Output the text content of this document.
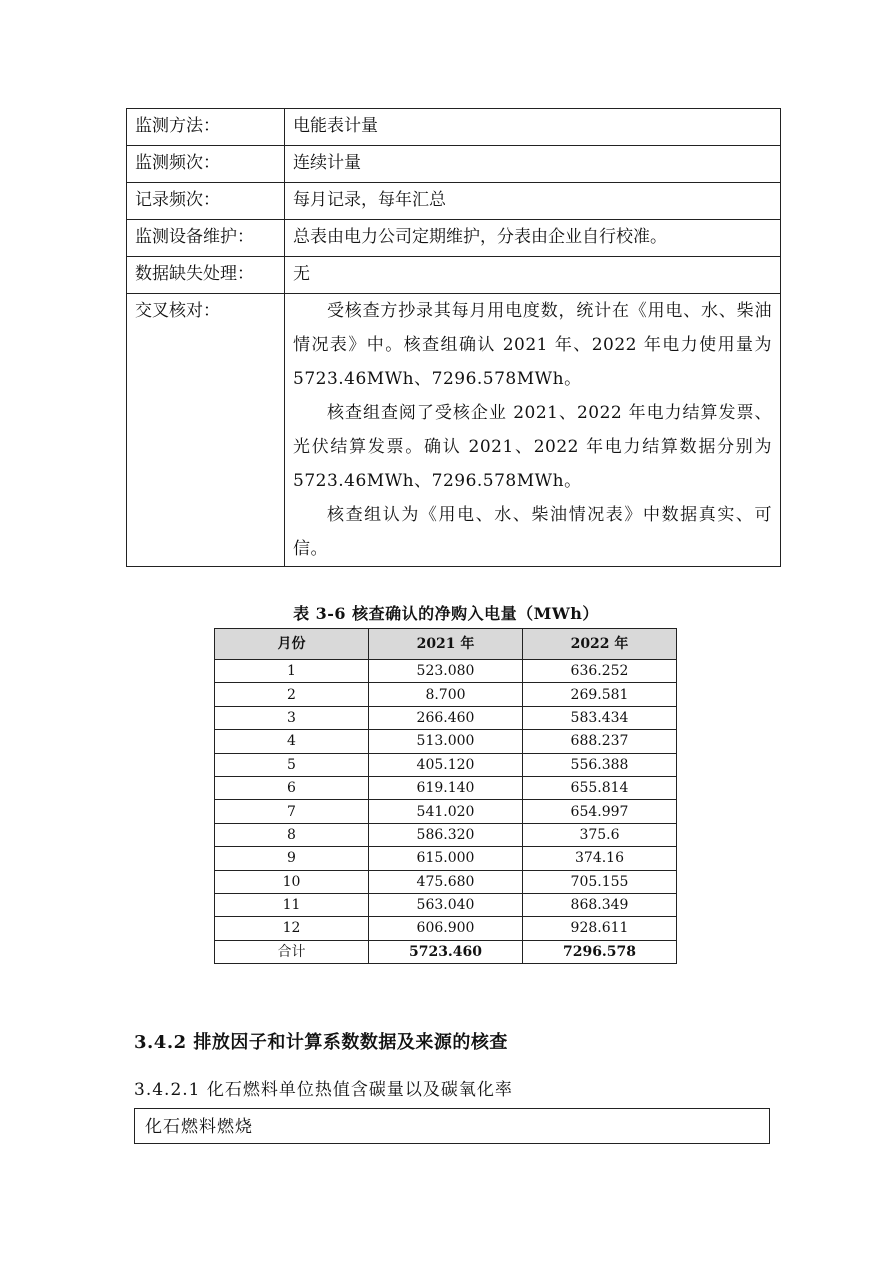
监测方法：	电能表计量
监测频次：	连续计量
记录频次：	每月记录，每年汇总
监测设备维护：	总表由电力公司定期维护，分表由企业自行校准。
数据缺失处理：	无
交叉核对：	受核查方抄录其每月用电度数，统计在《用电、水、柴油情况表》中。核查组确认 2021 年、2022 年电力使用量为 5723.46MWh、7296.578MWh。
核查组查阅了受核企业 2021、2022 年电力结算发票、光伏结算发票。确认 2021、2022 年电力结算数据分别为 5723.46MWh、7296.578MWh。
核查组认为《用电、水、柴油情况表》中数据真实、可信。
表 3-6 核查确认的净购入电量（MWh）
月份	2021 年	2022 年
1	523.080	636.252
2	8.700	269.581
3	266.460	583.434
4	513.000	688.237
5	405.120	556.388
6	619.140	655.814
7	541.020	654.997
8	586.320	375.6
9	615.000	374.16
10	475.680	705.155
11	563.040	868.349
12	606.900	928.611
合计	5723.460	7296.578
3.4.2 排放因子和计算系数数据及来源的核查
3.4.2.1 化石燃料单位热值含碳量以及碳氧化率
化石燃料燃烧
